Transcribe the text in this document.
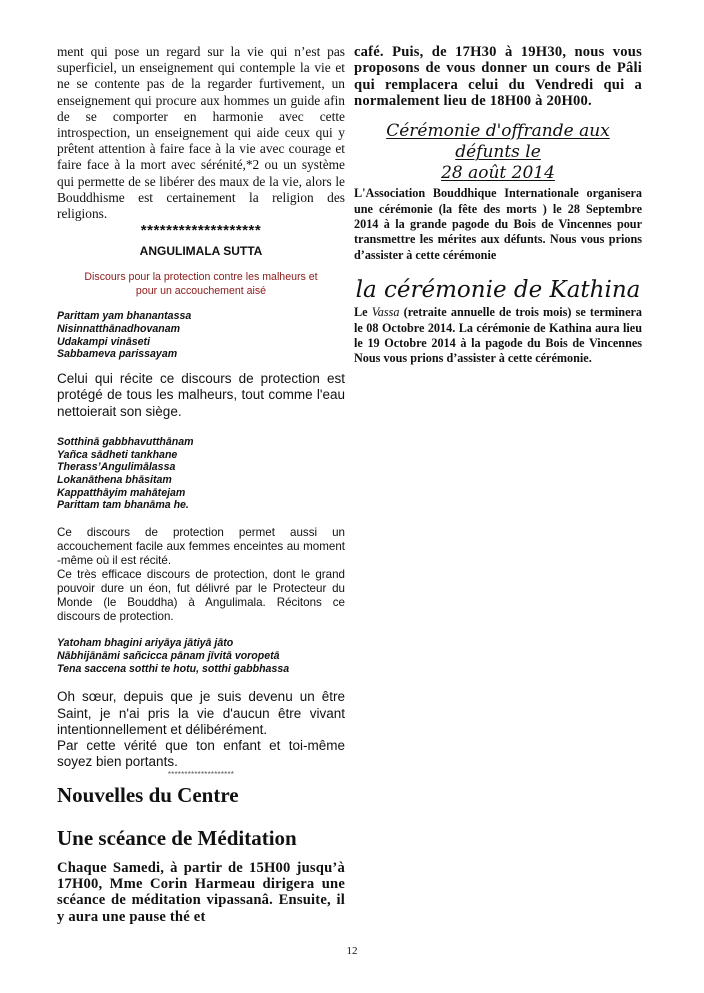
ment qui pose un regard sur la vie qui n’est pas superficiel, un enseignement qui contemple la vie et ne se contente pas de la regarder furtivement, un enseignement qui procure aux hommes un guide afin de se comporter en harmonie avec cette introspection, un enseignement qui aide ceux qui y prêtent attention à faire face à la vie avec courage et faire face à la mort avec sérénité,*2 ou un système qui permette de se libérer des maux de la vie, alors le Bouddhisme est certainement la religion des religions.

*******************

ANGULIMALA SUTTA

Discours pour la protection contre les malheurs et
pour un accouchement aisé
Parittam yam bhanantassa
Nisinnatthānadhovanam
Udakampi vināseti
Sabbameva parissayam

Celui qui récite ce discours de protection est protégé de tous les malheurs, tout comme l'eau nettoierait son siège.

Sotthinā gabbhavutthānam
Yañca sādheti tankhane
Therass’Angulimālassa
Lokanāthena bhāsitam
Kappatthāyim mahātejam
Parittam tam bhanāma he.

Ce discours de protection permet aussi un accouchement facile aux femmes enceintes au moment -même où il est récité.

Ce très efficace discours de protection, dont le grand pouvoir dure un éon, fut délivré par le Protecteur du Monde (le Bouddha) à Angulimala. Récitons ce discours de protection.

Yatoham bhagini ariyāya jātiyā jāto
Nābhijānāmi sañcicca pānam jīvitā voropetā
Tena saccena sotthi te hotu, sotthi gabbhassa

Oh sœur, depuis que je suis devenu un être Saint, je n'ai pris la vie d'aucun être vivant intentionnellement et délibérément.

Par cette vérité que ton enfant et toi-même soyez bien portants.

********************

Nouvelles du Centre
Une scéance de Méditation

Chaque Samedi, à partir de 15H00 jusqu’à 17H00, Mme Corin Harmeau dirigera une scéance de méditation vipassanâ. Ensuite, il y aura une pause thé et

café. Puis, de 17H30 à 19H30, nous vous proposons de vous donner un cours de Pâli qui remplacera celui du Vendredi qui a normalement lieu de 18H00 à 20H00.

Cérémonie d'offrande aux défunts le
28 août 2014

L'Association Bouddhique Internationale organisera une cérémonie (la fête des morts ) le 28 Septembre 2014 à la grande pagode du Bois de Vincennes pour transmettre les mérites aux défunts. Nous vous prions d’assister à cette cérémonie

la cérémonie de Kathina

Le Vassa (retraite annuelle de trois mois) se terminera le 08 Octobre 2014. La cérémonie de Kathina aura lieu le 19 Octobre 2014 à la pagode du Bois de Vincennes Nous vous prions d’assister à cette cérémonie.

12
